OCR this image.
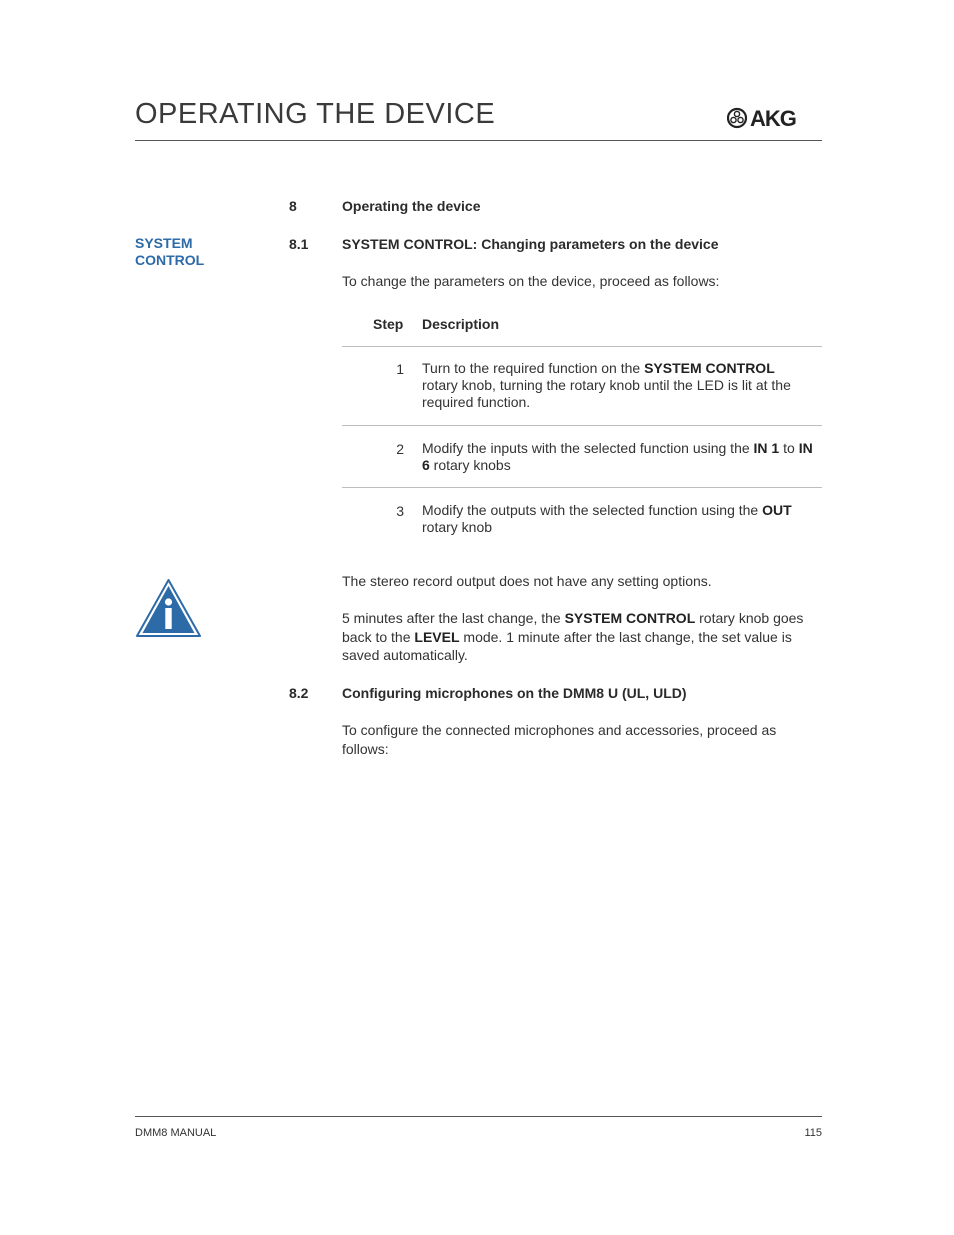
OPERATING THE DEVICE	AKG
SYSTEM
CONTROL
8	Operating the device
8.1 SYSTEM CONTROL: Changing parameters on the device
To change the parameters on the device, proceed as follows:
Step Description
1 Turn to the required function on the SYSTEM CONTROL rotary knob, turning the rotary knob until the LED is lit at the required function.
2 Modify the inputs with the selected function using the IN 1 to IN 6 rotary knobs
3 Modify the outputs with the selected function using the OUT rotary knob
The stereo record output does not have any setting options.
5 minutes after the last change, the SYSTEM CONTROL rotary knob goes back to the LEVEL mode. 1 minute after the last change, the set value is saved automatically.
8.2 Configuring microphones on the DMM8 U (UL, ULD)
To configure the connected microphones and accessories, proceed as follows:
DMM8 MANUAL	115
